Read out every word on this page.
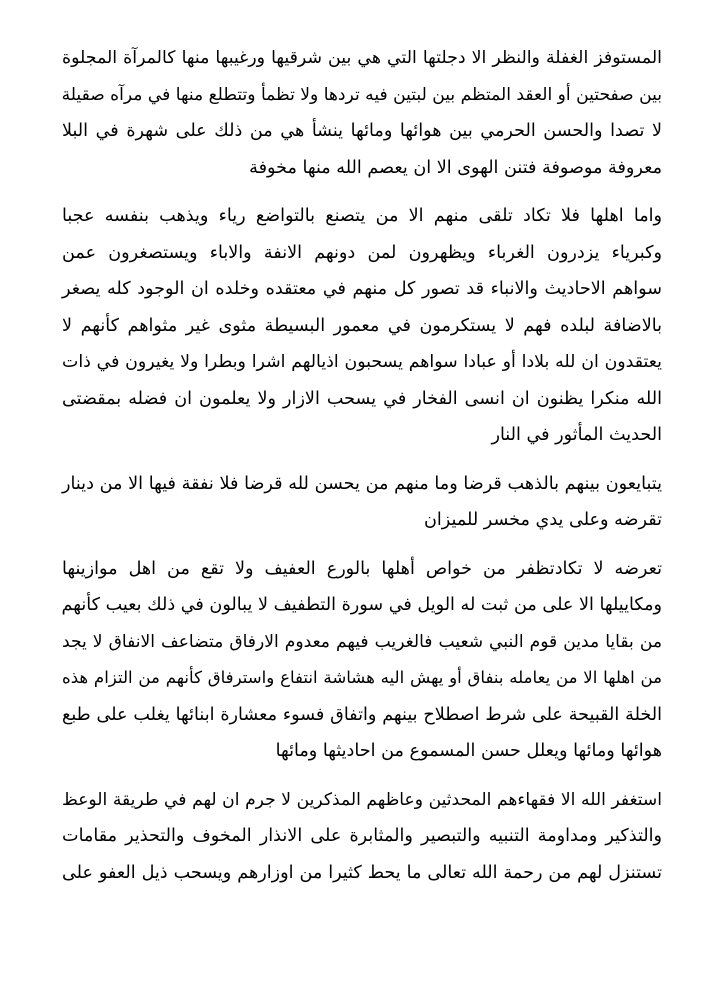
المستوفز الغفلة والنظر الا دجلتها التي هي بين شرقيها ورغيبها منها كالمرآة المجلوة
بين صفحتين أو العقد المتظم بين لبتين فيه تردها ولا تظمأ وتتطلع منها في مرآه صقيلة
لا تصدا والحسن الحرمي بين هوائها ومائها ينشأ هي من ذلك على شهرة في البلا
معروفة موصوفة فتنن الهوى الا ان يعصم الله منها مخوفة
واما اهلها فلا تكاد تلقى منهم الا من يتصنع بالتواضع رياء ويذهب بنفسه عجبا
وكبرياء يزدرون الغرباء ويظهرون لمن دونهم الانفة والاباء ويستصغرون عمن
سواهم الاحاديث والانباء قد تصور كل منهم في معتقده وخلده ان الوجود كله يصغر
بالاضافة لبلده فهم لا يستكرمون في معمور البسيطة مثوى غير مثواهم كأنهم لا
يعتقدون ان لله بلادا أو عبادا سواهم يسحبون اذيالهم اشرا وبطرا ولا يغيرون في ذات
الله منكرا يظنون ان انسى الفخار في يسحب الازار ولا يعلمون ان فضله بمقضتى
الحديث المأثور في النار
يتبايعون بينهم بالذهب قرضا وما منهم من يحسن لله قرضا فلا نفقة فيها الا من دينار
تقرضه وعلى يدي مخسر للميزان
تعرضه لا تكادتظفر من خواص أهلها بالورع العفيف ولا تقع من اهل موازينها
ومكاييلها الا على من ثبت له الويل في سورة التطفيف لا يبالون في ذلك بعيب كأنهم
من بقايا مدين قوم النبي شعيب فالغريب فيهم معدوم الارفاق متضاعف الانفاق لا يجد
من اهلها الا من يعامله بنفاق أو يهش اليه هشاشة انتفاع واسترفاق كأنهم من التزام هذه
الخلة القبيحة على شرط اصطلاح بينهم واتفاق فسوء معشارة ابنائها يغلب على طبع
هوائها ومائها ويعلل حسن المسموع من احاديثها ومائها
استغفر الله الا فقهاءهم المحدثين وعاظهم المذكرين لا جرم ان لهم في طريقة الوعظ
والتذكير ومداومة التنبيه والتبصير والمثابرة على الانذار المخوف والتحذير مقامات
تستنزل لهم من رحمة الله تعالى ما يحط كثيرا من اوزارهم ويسحب ذيل العفو على
